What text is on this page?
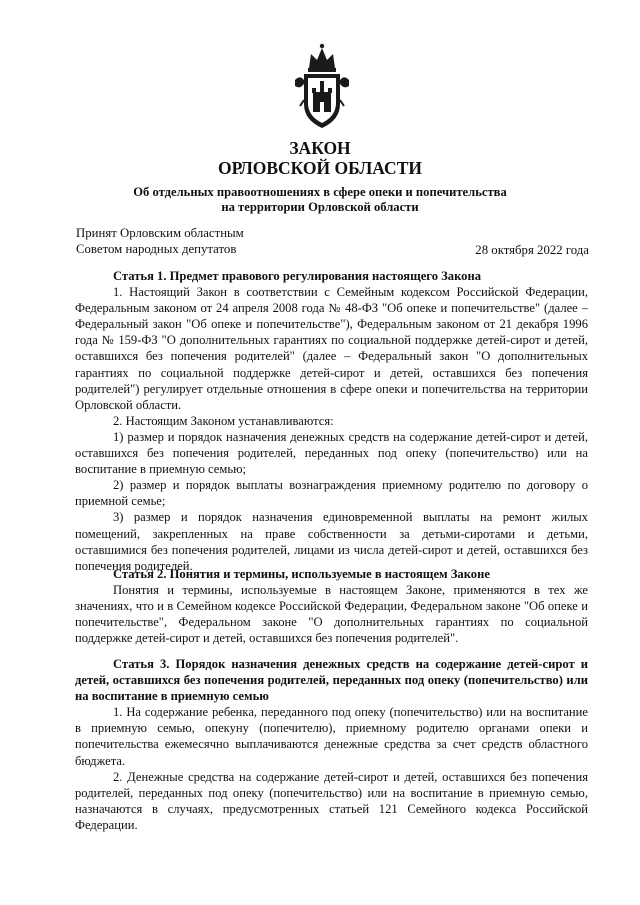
ЗАКОН
ОРЛОВСКОЙ ОБЛАСТИ
Об отдельных правоотношениях в сфере опеки и попечительства
на территории Орловской области
Принят Орловским областным
Советом народных депутатов	28 октября 2022 года

Статья 1. Предмет правового регулирования настоящего Закона

1. Настоящий Закон в соответствии с Семейным кодексом Российской Федерации, Федеральным законом от 24 апреля 2008 года № 48-ФЗ "Об опеке и попечительстве" (далее – Федеральный закон "Об опеке и попечительстве"), Федеральным законом от 21 декабря 1996 года № 159-ФЗ "О дополнительных гарантиях по социальной поддержке детей-сирот и детей, оставшихся без попечения родителей" (далее – Федеральный закон "О дополнительных гарантиях по социальной поддержке детей-сирот и детей, оставшихся без попечения родителей") регулирует отдельные отношения в сфере опеки и попечительства на территории Орловской области.

2. Настоящим Законом устанавливаются:

1) размер и порядок назначения денежных средств на содержание детей-сирот и детей, оставшихся без попечения родителей, переданных под опеку (попечительство) или на воспитание в приемную семью;

2) размер и порядок выплаты вознаграждения приемному родителю по договору о приемной семье;

3) размер и порядок назначения единовременной выплаты на ремонт жилых помещений, закрепленных на праве собственности за детьми-сиротами и детьми, оставшимися без попечения родителей, лицами из числа детей-сирот и детей, оставшихся без попечения родителей.

Статья 2. Понятия и термины, используемые в настоящем Законе

Понятия и термины, используемые в настоящем Законе, применяются в тех же значениях, что и в Семейном кодексе Российской Федерации, Федеральном законе "Об опеке и попечительстве", Федеральном законе "О дополнительных гарантиях по социальной поддержке детей-сирот и детей, оставшихся без попечения родителей".

Статья 3. Порядок назначения денежных средств на содержание детей-сирот и детей, оставшихся без попечения родителей, переданных под опеку (попечительство) или на воспитание в приемную семью

1. На содержание ребенка, переданного под опеку (попечительство) или на воспитание в приемную семью, опекуну (попечителю), приемному родителю органами опеки и попечительства ежемесячно выплачиваются денежные средства за счет средств областного бюджета.

2. Денежные средства на содержание детей-сирот и детей, оставшихся без попечения родителей, переданных под опеку (попечительство) или на воспитание в приемную семью, назначаются в случаях, предусмотренных статьей 121 Семейного кодекса Российской Федерации.
